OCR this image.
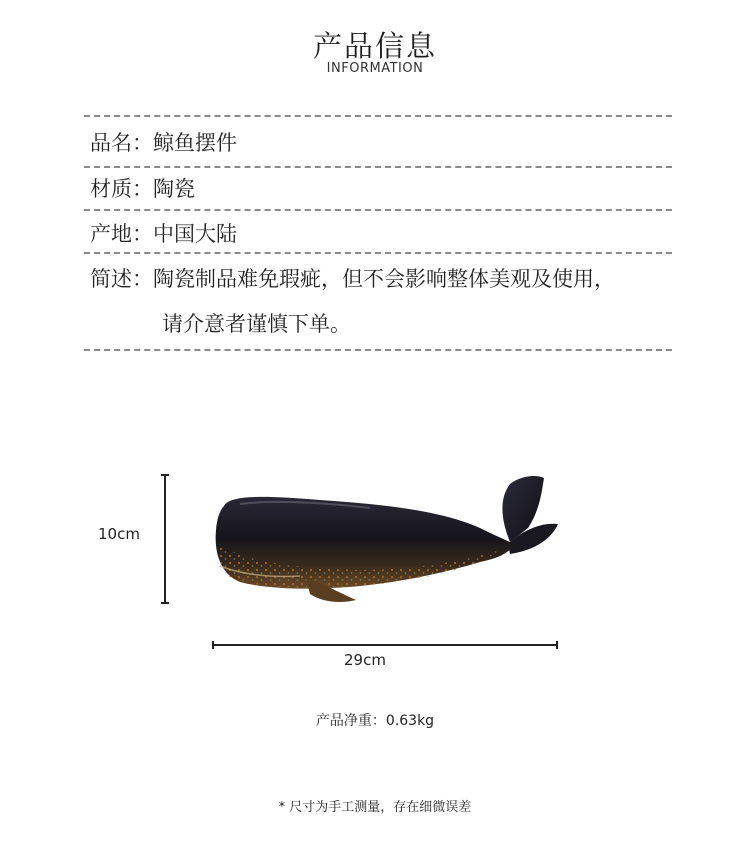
产品信息
INFORMATION
品名：鲸鱼摆件
材质：陶瓷
产地：中国大陆
简述：陶瓷制品难免瑕疵，但不会影响整体美观及使用，
请介意者谨慎下单。
10cm
29cm
产品净重：0.63kg
* 尺寸为手工测量，存在细微误差
